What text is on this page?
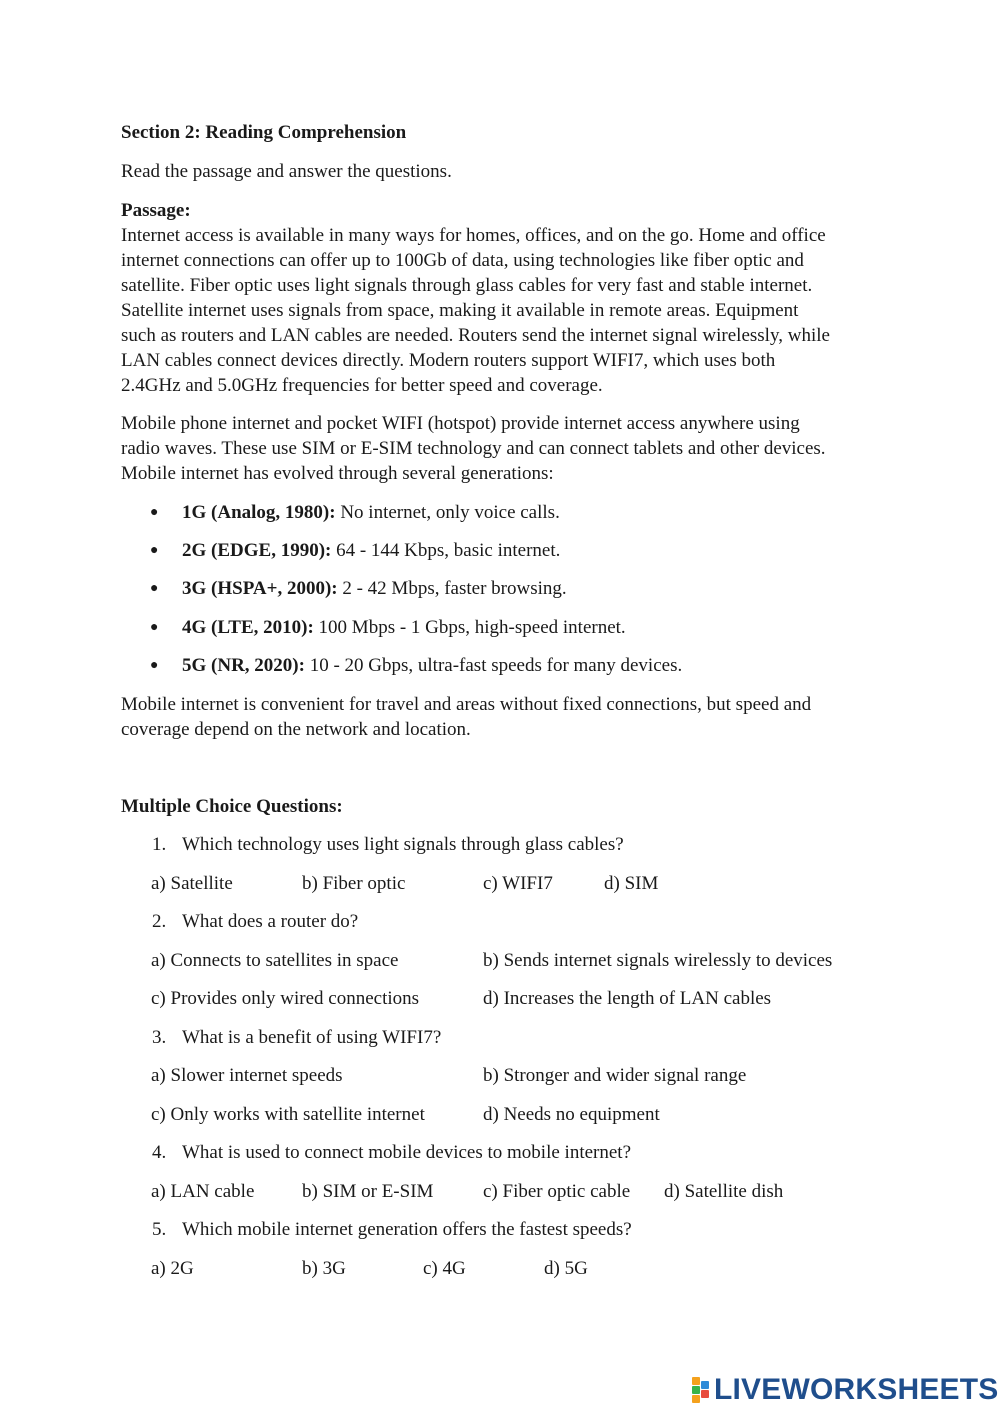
Section 2: Reading Comprehension
Read the passage and answer the questions.
Passage:
Internet access is available in many ways for homes, offices, and on the go. Home and office
internet connections can offer up to 100Gb of data, using technologies like fiber optic and
satellite. Fiber optic uses light signals through glass cables for very fast and stable internet.
Satellite internet uses signals from space, making it available in remote areas. Equipment
such as routers and LAN cables are needed. Routers send the internet signal wirelessly, while
LAN cables connect devices directly. Modern routers support WIFI7, which uses both
2.4GHz and 5.0GHz frequencies for better speed and coverage.
Mobile phone internet and pocket WIFI (hotspot) provide internet access anywhere using
radio waves. These use SIM or E-SIM technology and can connect tablets and other devices.
Mobile internet has evolved through several generations:
● 1G (Analog, 1980): No internet, only voice calls.
● 2G (EDGE, 1990): 64 - 144 Kbps, basic internet.
● 3G (HSPA+, 2000): 2 - 42 Mbps, faster browsing.
● 4G (LTE, 2010): 100 Mbps - 1 Gbps, high-speed internet.
● 5G (NR, 2020): 10 - 20 Gbps, ultra-fast speeds for many devices.
Mobile internet is convenient for travel and areas without fixed connections, but speed and
coverage depend on the network and location.
Multiple Choice Questions:
1. Which technology uses light signals through glass cables?
a) Satellite	b) Fiber optic	c) WIFI7	d) SIM
2. What does a router do?
a) Connects to satellites in space	b) Sends internet signals wirelessly to devices
c) Provides only wired connections	d) Increases the length of LAN cables
3. What is a benefit of using WIFI7?
a) Slower internet speeds	b) Stronger and wider signal range
c) Only works with satellite internet	d) Needs no equipment
4. What is used to connect mobile devices to mobile internet?
a) LAN cable	b) SIM or E-SIM	c) Fiber optic cable d) Satellite dish
5. Which mobile internet generation offers the fastest speeds?
a) 2G	b) 3G	c) 4G	d) 5G
LIVEWORKSHEETS
